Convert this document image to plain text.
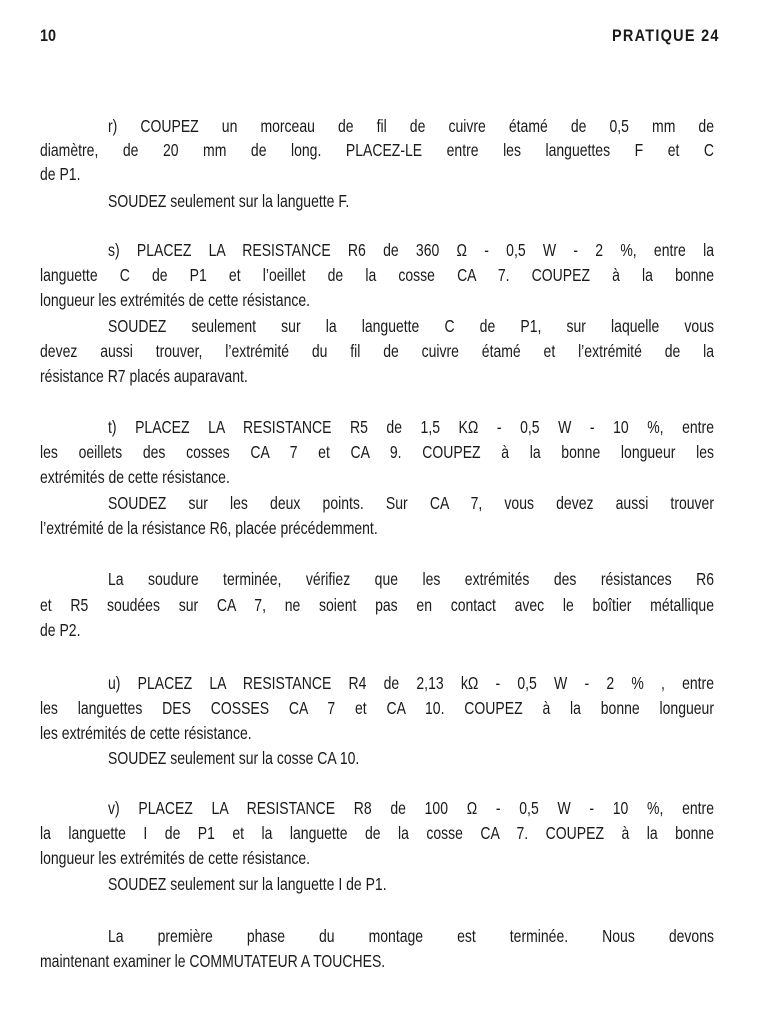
10	PRATIQUE 24
r) COUPEZ un morceau de fil de cuivre étamé de 0,5 mm de
diamètre, de 20 mm de long. PLACEZ-LE entre les languettes F et C
de P1.
SOUDEZ seulement sur la languette F.
s) PLACEZ LA RESISTANCE R6 de 360 Ω - 0,5 W - 2 %, entre la
languette C de P1 et l’oeillet de la cosse CA 7. COUPEZ à la bonne
longueur les extrémités de cette résistance.
SOUDEZ seulement sur la languette C de P1, sur laquelle vous
devez aussi trouver, l’extrémité du fil de cuivre étamé et l’extrémité de la
résistance R7 placés auparavant.
t) PLACEZ LA RESISTANCE R5 de 1,5 KΩ - 0,5 W - 10 %, entre
les oeillets des cosses CA 7 et CA 9. COUPEZ à la bonne longueur les
extrémités de cette résistance.
SOUDEZ sur les deux points. Sur CA 7, vous devez aussi trouver
l’extrémité de la résistance R6, placée précédemment.
La soudure terminée, vérifiez que les extrémités des résistances R6
et R5 soudées sur CA 7, ne soient pas en contact avec le boîtier métallique
de P2.
u) PLACEZ LA RESISTANCE R4 de 2,13 kΩ - 0,5 W - 2 % , entre
les languettes DES COSSES CA 7 et CA 10. COUPEZ à la bonne longueur
les extrémités de cette résistance.
SOUDEZ seulement sur la cosse CA 10.
v) PLACEZ LA RESISTANCE R8 de 100 Ω - 0,5 W - 10 %, entre
la languette I de P1 et la languette de la cosse CA 7. COUPEZ à la bonne
longueur les extrémités de cette résistance.
SOUDEZ seulement sur la languette I de P1.
La première phase du montage est terminée. Nous devons
maintenant examiner le COMMUTATEUR A TOUCHES.
